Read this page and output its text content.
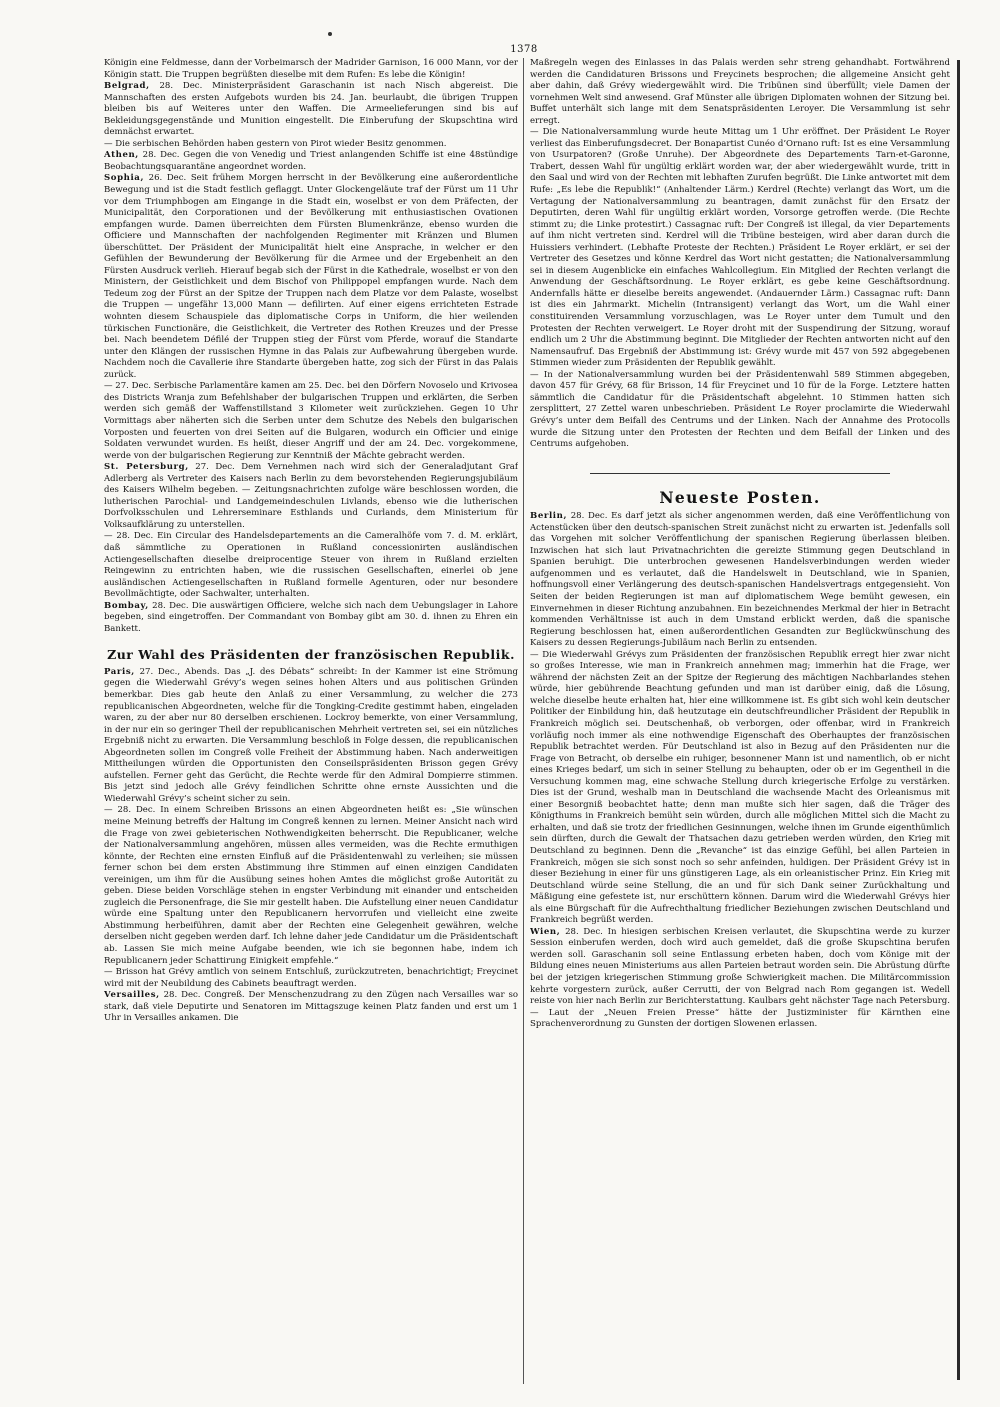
1378

Königin eine Feldmesse, dann der Vorbeimarsch der Madrider Garnison, 16 000 Mann, vor der Königin statt. Die Truppen begrüßten dieselbe mit dem Rufen: Es lebe die Königin!

Belgrad, 28. Dec. Ministerpräsident Garaschanin ist nach Nisch abgereist. Die Mannschaften des ersten Aufgebots wurden bis 24. Jan. beurlaubt, die übrigen Truppen bleiben bis auf Weiteres unter den Waffen. Die Armeelieferungen sind bis auf Bekleidungsgegenstände und Munition eingestellt. Die Einberufung der Skupschtina wird demnächst erwartet.

— Die serbischen Behörden haben gestern von Pirot wieder Besitz genommen.

Athen, 28. Dec. Gegen die von Venedig und Triest anlangenden Schiffe ist eine 48stündige Beobachtungsquarantäne angeordnet worden.

Sophia, 26. Dec. Seit frühem Morgen herrscht in der Bevölkerung eine außerordentliche Bewegung und ist die Stadt festlich geflaggt. Unter Glockengeläute traf der Fürst um 11 Uhr vor dem Triumphbogen am Eingange in die Stadt ein, woselbst er von dem Präfecten, der Municipalität, den Corporationen und der Bevölkerung mit enthusiastischen Ovationen empfangen wurde. Damen überreichten dem Fürsten Blumenkränze, ebenso wurden die Officiere und Mannschaften der nachfolgenden Regimenter mit Kränzen und Blumen überschüttet. Der Präsident der Municipalität hielt eine Ansprache, in welcher er den Gefühlen der Bewunderung der Bevölkerung für die Armee und der Ergebenheit an den Fürsten Ausdruck verlieh. Hierauf begab sich der Fürst in die Kathedrale, woselbst er von den Ministern, der Geistlichkeit und dem Bischof von Philippopel empfangen wurde. Nach dem Tedeum zog der Fürst an der Spitze der Truppen nach dem Platze vor dem Palaste, woselbst die Truppen — ungefähr 13,000 Mann — defilirten. Auf einer eigens errichteten Estrade wohnten diesem Schauspiele das diplomatische Corps in Uniform, die hier weilenden türkischen Functionäre, die Geistlichkeit, die Vertreter des Rothen Kreuzes und der Presse bei. Nach beendetem Défilé der Truppen stieg der Fürst vom Pferde, worauf die Standarte unter den Klängen der russischen Hymne in das Palais zur Aufbewahrung übergeben wurde. Nachdem noch die Cavallerie ihre Standarte übergeben hatte, zog sich der Fürst in das Palais zurück.

— 27. Dec. Serbische Parlamentäre kamen am 25. Dec. bei den Dörfern Novoselo und Krivosea des Districts Wranja zum Befehlshaber der bulgarischen Truppen und erklärten, die Serben werden sich gemäß der Waffenstillstand 3 Kilometer weit zurückziehen. Gegen 10 Uhr Vormittags aber näherten sich die Serben unter dem Schutze des Nebels den bulgarischen Vorposten und feuerten von drei Seiten auf die Bulgaren, wodurch ein Officier und einige Soldaten verwundet wurden. Es heißt, dieser Angriff und der am 24. Dec. vorgekommene, werde von der bulgarischen Regierung zur Kenntniß der Mächte gebracht werden.

St. Petersburg, 27. Dec. Dem Vernehmen nach wird sich der Generaladjutant Graf Adlerberg als Vertreter des Kaisers nach Berlin zu dem bevorstehenden Regierungsjubiläum des Kaisers Wilhelm begeben. — Zeitungsnachrichten zufolge wäre beschlossen worden, die lutherischen Parochial- und Landgemeindeschulen Livlands, ebenso wie die lutherischen Dorfvolksschulen und Lehrerseminare Esthlands und Curlands, dem Ministerium für Volksaufklärung zu unterstellen.

— 28. Dec. Ein Circular des Handelsdepartements an die Cameralhöfe vom 7. d. M. erklärt, daß sämmtliche zu Operationen in Rußland concessionirten ausländischen Actiengesellschaften dieselbe dreiprocentige Steuer von ihrem in Rußland erzielten Reingewinn zu entrichten haben, wie die russischen Gesellschaften, einerlei ob jene ausländischen Actiengesellschaften in Rußland formelle Agenturen, oder nur besondere Bevollmächtigte, oder Sachwalter, unterhalten.

Bombay, 28. Dec. Die auswärtigen Officiere, welche sich nach dem Uebungslager in Lahore begeben, sind eingetroffen. Der Commandant von Bombay gibt am 30. d. ihnen zu Ehren ein Bankett.

Zur Wahl des Präsidenten der französischen Republik.

Paris, 27. Dec., Abends. Das „J. des Débats“ schreibt: In der Kammer ist eine Strömung gegen die Wiederwahl Grévy’s wegen seines hohen Alters und aus politischen Gründen bemerkbar. Dies gab heute den Anlaß zu einer Versammlung, zu welcher die 273 republicanischen Abgeordneten, welche für die Tongking-Credite gestimmt haben, eingeladen waren, zu der aber nur 80 derselben erschienen. Lockroy bemerkte, von einer Versammlung, in der nur ein so geringer Theil der republicanischen Mehrheit vertreten sei, sei ein nützliches Ergebniß nicht zu erwarten. Die Versammlung beschloß in Folge dessen, die republicanischen Abgeordneten sollen im Congreß volle Freiheit der Abstimmung haben. Nach anderweitigen Mittheilungen würden die Opportunisten den Conseilspräsidenten Brisson gegen Grévy aufstellen. Ferner geht das Gerücht, die Rechte werde für den Admiral Dompierre stimmen. Bis jetzt sind jedoch alle Grévy feindlichen Schritte ohne ernste Aussichten und die Wiederwahl Grévy’s scheint sicher zu sein.

— 28. Dec. In einem Schreiben Brissons an einen Abgeordneten heißt es: „Sie wünschen meine Meinung betreffs der Haltung im Congreß kennen zu lernen. Meiner Ansicht nach wird die Frage von zwei gebieterischen Nothwendigkeiten beherrscht. Die Republicaner, welche der Nationalversammlung angehören, müssen alles vermeiden, was die Rechte ermuthigen könnte, der Rechten eine ernsten Einfluß auf die Präsidentenwahl zu verleihen; sie müssen ferner schon bei dem ersten Abstimmung ihre Stimmen auf einen einzigen Candidaten vereinigen, um ihm für die Ausübung seines hohen Amtes die möglichst große Autorität zu geben. Diese beiden Vorschläge stehen in engster Verbindung mit einander und entscheiden zugleich die Personenfrage, die Sie mir gestellt haben. Die Aufstellung einer neuen Candidatur würde eine Spaltung unter den Republicanern hervorrufen und vielleicht eine zweite Abstimmung herbeiführen, damit aber der Rechten eine Gelegenheit gewähren, welche derselben nicht gegeben werden darf. Ich lehne daher jede Candidatur um die Präsidentschaft ab. Lassen Sie mich meine Aufgabe beenden, wie ich sie begonnen habe, indem ich Republicanern jeder Schattirung Einigkeit empfehle.“

— Brisson hat Grévy amtlich von seinem Entschluß, zurückzutreten, benachrichtigt; Freycinet wird mit der Neubildung des Cabinets beauftragt werden.

Versailles, 28. Dec. Congreß. Der Menschenzudrang zu den Zügen nach Versailles war so stark, daß viele Deputirte und Senatoren im Mittagszuge keinen Platz fanden und erst um 1 Uhr in Versailles ankamen. Die

Maßregeln wegen des Einlasses in das Palais werden sehr streng gehandhabt. Fortwährend werden die Candidaturen Brissons und Freycinets besprochen; die allgemeine Ansicht geht aber dahin, daß Grévy wiedergewählt wird. Die Tribünen sind überfüllt; viele Damen der vornehmen Welt sind anwesend. Graf Münster alle übrigen Diplomaten wohnen der Sitzung bei. Buffet unterhält sich lange mit dem Senatspräsidenten Leroyer. Die Versammlung ist sehr erregt.

— Die Nationalversammlung wurde heute Mittag um 1 Uhr eröffnet. Der Präsident Le Royer verliest das Einberufungsdecret. Der Bonapartist Cunéo d’Ornano ruft: Ist es eine Versammlung von Usurpatoren? (Große Unruhe). Der Abgeordnete des Departements Tarn-et-Garonne, Trabert, dessen Wahl für ungültig erklärt worden war, der aber wiedergewählt wurde, tritt in den Saal und wird von der Rechten mit lebhaften Zurufen begrüßt. Die Linke antwortet mit dem Rufe: „Es lebe die Republik!“ (Anhaltender Lärm.) Kerdrel (Rechte) verlangt das Wort, um die Vertagung der Nationalversammlung zu beantragen, damit zunächst für den Ersatz der Deputirten, deren Wahl für ungültig erklärt worden, Vorsorge getroffen werde. (Die Rechte stimmt zu; die Linke protestirt.) Cassagnac ruft: Der Congreß ist illegal, da vier Departements auf ihm nicht vertreten sind. Kerdrel will die Tribüne besteigen, wird aber daran durch die Huissiers verhindert. (Lebhafte Proteste der Rechten.) Präsident Le Royer erklärt, er sei der Vertreter des Gesetzes und könne Kerdrel das Wort nicht gestatten; die Nationalversammlung sei in diesem Augenblicke ein einfaches Wahlcollegium. Ein Mitglied der Rechten verlangt die Anwendung der Geschäftsordnung. Le Royer erklärt, es gebe keine Geschäftsordnung. Andernfalls hätte er dieselbe bereits angewendet. (Andauernder Lärm.) Cassagnac ruft: Dann ist dies ein Jahrmarkt. Michelin (Intransigent) verlangt das Wort, um die Wahl einer constituirenden Versammlung vorzuschlagen, was Le Royer unter dem Tumult und den Protesten der Rechten verweigert. Le Royer droht mit der Suspendirung der Sitzung, worauf endlich um 2 Uhr die Abstimmung beginnt. Die Mitglieder der Rechten antworten nicht auf den Namensaufruf. Das Ergebniß der Abstimmung ist: Grévy wurde mit 457 von 592 abgegebenen Stimmen wieder zum Präsidenten der Republik gewählt.

— In der Nationalversammlung wurden bei der Präsidentenwahl 589 Stimmen abgegeben, davon 457 für Grévy, 68 für Brisson, 14 für Freycinet und 10 für de la Forge. Letztere hatten sämmtlich die Candidatur für die Präsidentschaft abgelehnt. 10 Stimmen hatten sich zersplittert, 27 Zettel waren unbeschrieben. Präsident Le Royer proclamirte die Wiederwahl Grévy’s unter dem Beifall des Centrums und der Linken. Nach der Annahme des Protocolls wurde die Sitzung unter den Protesten der Rechten und dem Beifall der Linken und des Centrums aufgehoben.

Neueste Posten.

Berlin, 28. Dec. Es darf jetzt als sicher angenommen werden, daß eine Veröffentlichung von Actenstücken über den deutsch-spanischen Streit zunächst nicht zu erwarten ist. Jedenfalls soll das Vorgehen mit solcher Veröffentlichung der spanischen Regierung überlassen bleiben. Inzwischen hat sich laut Privatnachrichten die gereizte Stimmung gegen Deutschland in Spanien beruhigt. Die unterbrochen gewesenen Handelsverbindungen werden wieder aufgenommen und es verlautet, daß die Handelswelt in Deutschland, wie in Spanien, hoffnungsvoll einer Verlängerung des deutsch-spanischen Handelsvertrags entgegensieht. Von Seiten der beiden Regierungen ist man auf diplomatischem Wege bemüht gewesen, ein Einvernehmen in dieser Richtung anzubahnen. Ein bezeichnendes Merkmal der hier in Betracht kommenden Verhältnisse ist auch in dem Umstand erblickt werden, daß die spanische Regierung beschlossen hat, einen außerordentlichen Gesandten zur Beglückwünschung des Kaisers zu dessen Regierungs-Jubiläum nach Berlin zu entsenden.

— Die Wiederwahl Grévys zum Präsidenten der französischen Republik erregt hier zwar nicht so großes Interesse, wie man in Frankreich annehmen mag; immerhin hat die Frage, wer während der nächsten Zeit an der Spitze der Regierung des mächtigen Nachbarlandes stehen würde, hier gebührende Beachtung gefunden und man ist darüber einig, daß die Lösung, welche dieselbe heute erhalten hat, hier eine willkommene ist. Es gibt sich wohl kein deutscher Politiker der Einbildung hin, daß heutzutage ein deutschfreundlicher Präsident der Republik in Frankreich möglich sei. Deutschenhaß, ob verborgen, oder offenbar, wird in Frankreich vorläufig noch immer als eine nothwendige Eigenschaft des Oberhauptes der französischen Republik betrachtet werden. Für Deutschland ist also in Bezug auf den Präsidenten nur die Frage von Betracht, ob derselbe ein ruhiger, besonnener Mann ist und namentlich, ob er nicht eines Krieges bedarf, um sich in seiner Stellung zu behaupten, oder ob er im Gegentheil in die Versuchung kommen mag, eine schwache Stellung durch kriegerische Erfolge zu verstärken. Dies ist der Grund, weshalb man in Deutschland die wachsende Macht des Orleanismus mit einer Besorgniß beobachtet hatte; denn man mußte sich hier sagen, daß die Träger des Königthums in Frankreich bemüht sein würden, durch alle möglichen Mittel sich die Macht zu erhalten, und daß sie trotz der friedlichen Gesinnungen, welche ihnen im Grunde eigenthümlich sein dürften, durch die Gewalt der Thatsachen dazu getrieben werden würden, den Krieg mit Deutschland zu beginnen. Denn die „Revanche“ ist das einzige Gefühl, bei allen Parteien in Frankreich, mögen sie sich sonst noch so sehr anfeinden, huldigen. Der Präsident Grévy ist in dieser Beziehung in einer für uns günstigeren Lage, als ein orleanistischer Prinz. Ein Krieg mit Deutschland würde seine Stellung, die an und für sich Dank seiner Zurückhaltung und Mäßigung eine gefestete ist, nur erschüttern können. Darum wird die Wiederwahl Grévys hier als eine Bürgschaft für die Aufrechthaltung friedlicher Beziehungen zwischen Deutschland und Frankreich begrüßt werden.

Wien, 28. Dec. In hiesigen serbischen Kreisen verlautet, die Skupschtina werde zu kurzer Session einberufen werden, doch wird auch gemeldet, daß die große Skupschtina berufen werden soll. Garaschanin soll seine Entlassung erbeten haben, doch vom Könige mit der Bildung eines neuen Ministeriums aus allen Parteien betraut worden sein. Die Abrüstung dürfte bei der jetzigen kriegerischen Stimmung große Schwierigkeit machen. Die Militärcommission kehrte vorgestern zurück, außer Cerrutti, der von Belgrad nach Rom gegangen ist. Wedell reiste von hier nach Berlin zur Berichterstattung. Kaulbars geht nächster Tage nach Petersburg. — Laut der „Neuen Freien Presse“ hätte der Justizminister für Kärnthen eine Sprachenverordnung zu Gunsten der dortigen Slowenen erlassen.
